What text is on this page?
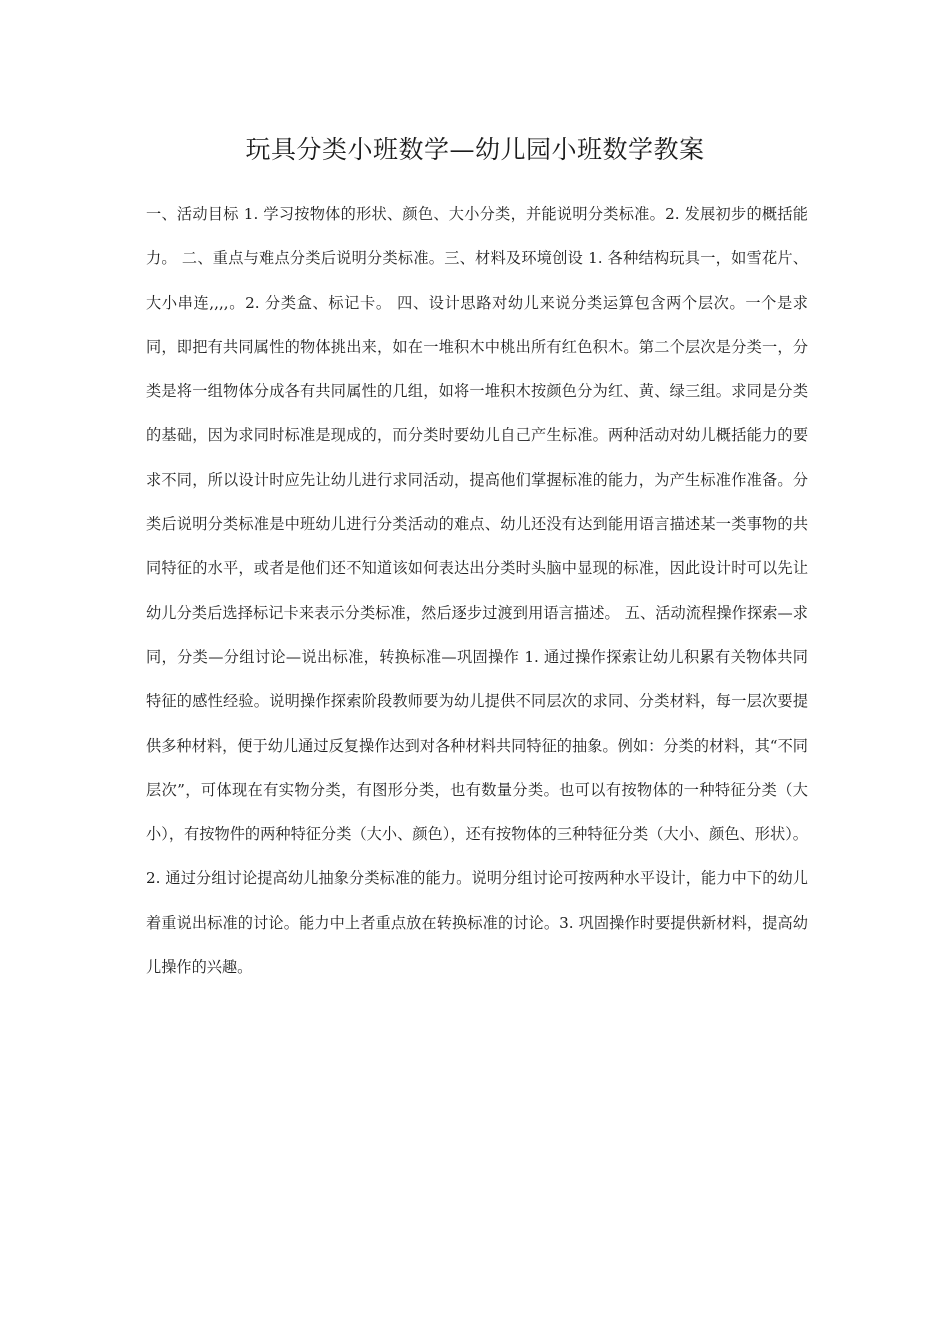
玩具分类小班数学—幼儿园小班数学教案
一、活动目标 1. 学习按物体的形状、颜色、大小分类，并能说明分类标准。2. 发展初步的概括能力。 二、重点与难点分类后说明分类标准。三、材料及环境创设 1. 各种结构玩具一，如雪花片、大小串连,,,,。2. 分类盒、标记卡。 四、设计思路对幼儿来说分类运算包含两个层次。一个是求同，即把有共同属性的物体挑出来，如在一堆积木中桃出所有红色积木。第二个层次是分类一，分类是将一组物体分成各有共同属性的几组，如将一堆积木按颜色分为红、黄、绿三组。求同是分类的基础，因为求同时标准是现成的，而分类时要幼儿自己产生标准。两种活动对幼儿概括能力的要求不同，所以设计时应先让幼儿进行求同活动，提高他们掌握标准的能力，为产生标准作准备。分类后说明分类标准是中班幼儿进行分类活动的难点、幼儿还没有达到能用语言描述某一类事物的共同特征的水平，或者是他们还不知道该如何表达出分类时头脑中显现的标准，因此设计时可以先让幼儿分类后选择标记卡来表示分类标准，然后逐步过渡到用语言描述。 五、活动流程操作探索—求同，分类—分组讨论—说出标准，转换标准—巩固操作 1. 通过操作探索让幼儿积累有关物体共同特征的感性经验。说明操作探索阶段教师要为幼儿提供不同层次的求同、分类材料，每一层次要提供多种材料，便于幼儿通过反复操作达到对各种材料共同特征的抽象。例如：分类的材料，其“不同层次”，可体现在有实物分类，有图形分类，也有数量分类。也可以有按物体的一种特征分类（大小），有按物件的两种特征分类（大小、颜色），还有按物体的三种特征分类（大小、颜色、形状）。 2. 通过分组讨论提高幼儿抽象分类标准的能力。说明分组讨论可按两种水平设计，能力中下的幼儿着重说出标准的讨论。能力中上者重点放在转换标准的讨论。3. 巩固操作时要提供新材料，提高幼儿操作的兴趣。
